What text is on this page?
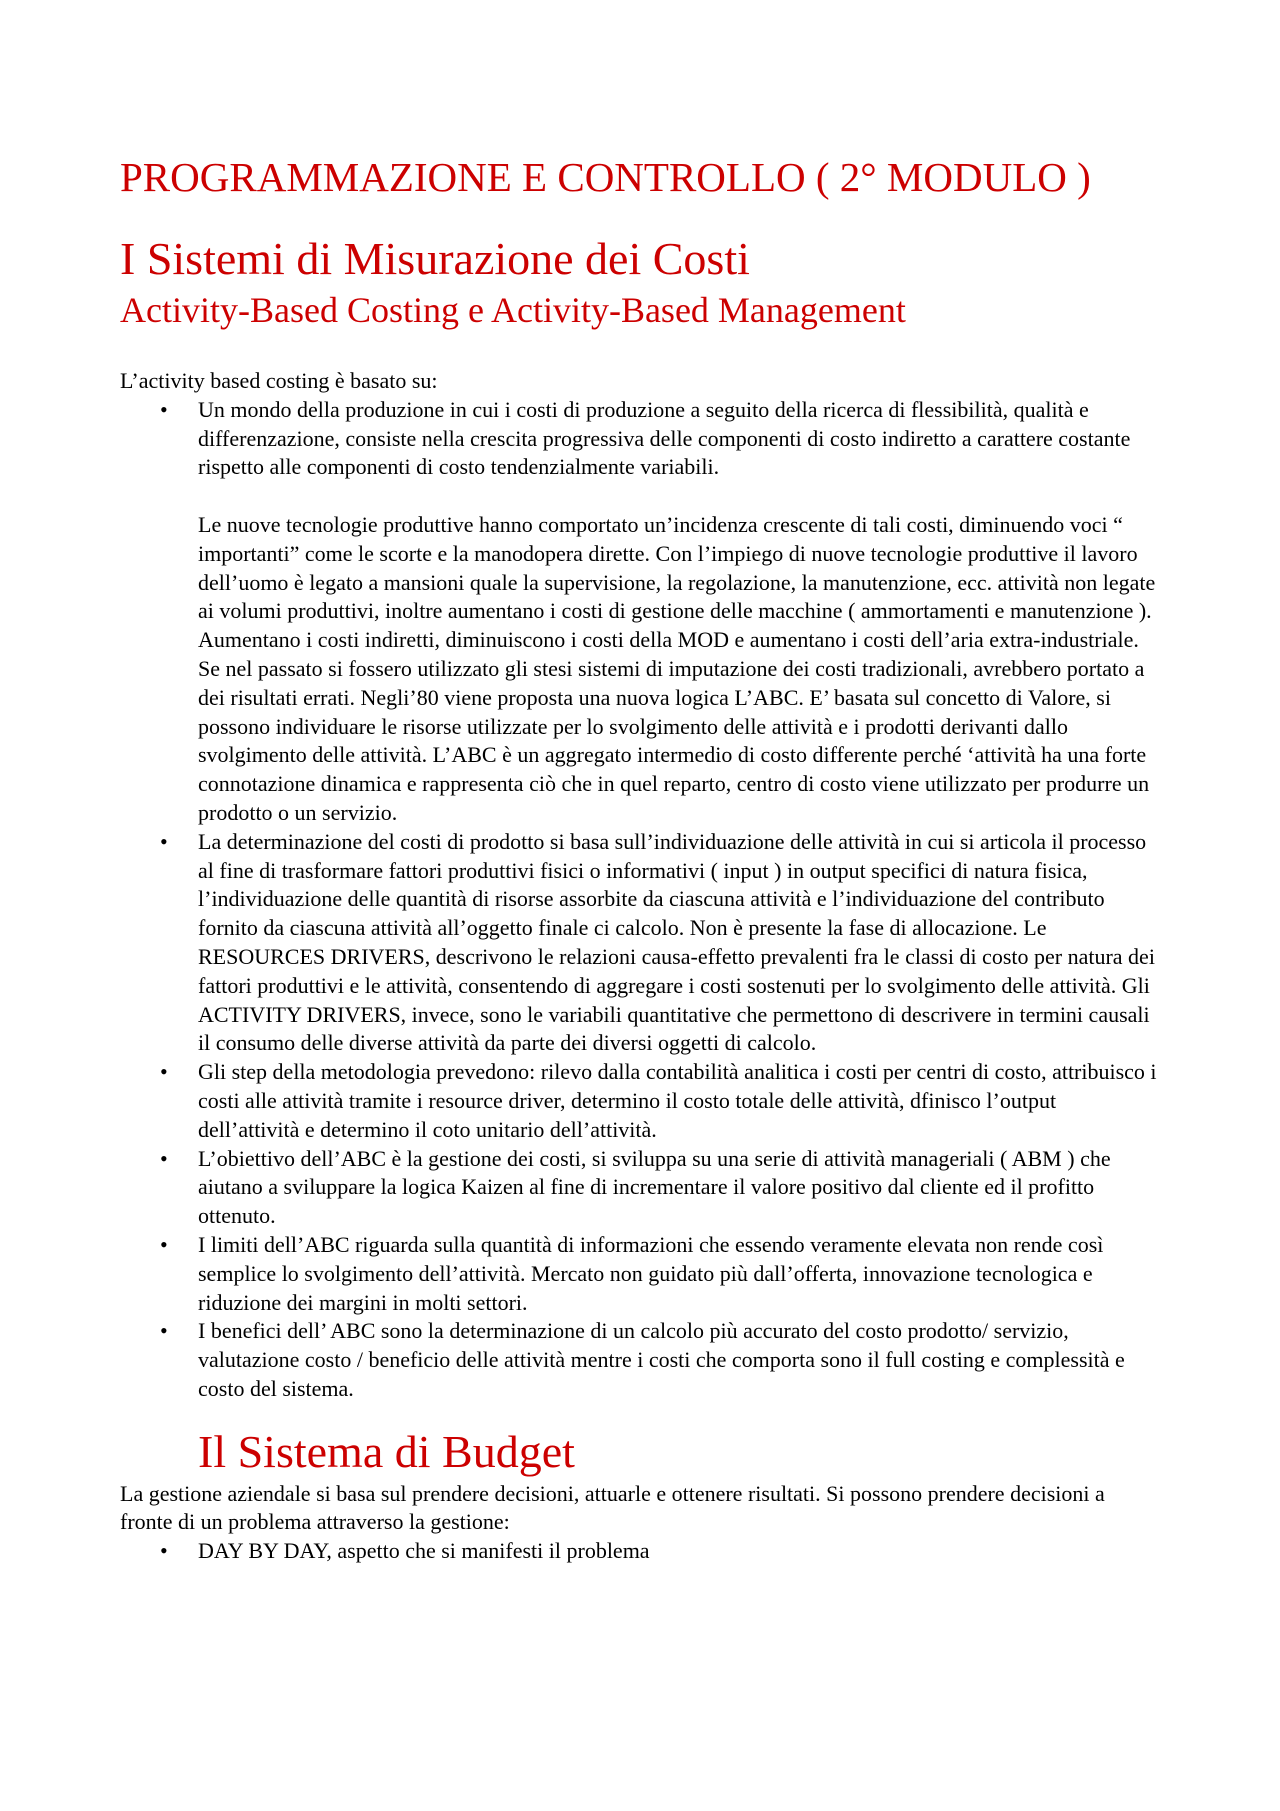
PROGRAMMAZIONE E CONTROLLO ( 2° MODULO )
I Sistemi di Misurazione dei Costi
Activity-Based Costing e Activity-Based Management

L’activity based costing è basato su:

• Un mondo della produzione in cui i costi di produzione a seguito della ricerca di flessibilità, qualità e differenzazione, consiste nella crescita progressiva delle componenti di costo indiretto a carattere costante rispetto alle componenti di costo tendenzialmente variabili.
Le nuove tecnologie produttive hanno comportato un’incidenza crescente di tali costi, diminuendo voci “ importanti” come le scorte e la manodopera dirette. Con l’impiego di nuove tecnologie produttive il lavoro dell’uomo è legato a mansioni quale la supervisione, la regolazione, la manutenzione, ecc. attività non legate ai volumi produttivi, inoltre aumentano i costi di gestione delle macchine ( ammortamenti e manutenzione ). Aumentano i costi indiretti, diminuiscono i costi della MOD e aumentano i costi dell’aria extra-industriale. Se nel passato si fossero utilizzato gli stesi sistemi di imputazione dei costi tradizionali, avrebbero portato a dei risultati errati. Negli’80 viene proposta una nuova logica L’ABC. E’ basata sul concetto di Valore, si possono individuare le risorse utilizzate per lo svolgimento delle attività e i prodotti derivanti dallo svolgimento delle attività. L’ABC è un aggregato intermedio di costo differente perché ‘attività ha una forte connotazione dinamica e rappresenta ciò che in quel reparto, centro di costo viene utilizzato per produrre un prodotto o un servizio.
• La determinazione del costi di prodotto si basa sull’individuazione delle attività in cui si articola il processo al fine di trasformare fattori produttivi fisici o informativi ( input ) in output specifici di natura fisica, l’individuazione delle quantità di risorse assorbite da ciascuna attività e l’individuazione del contributo fornito da ciascuna attività all’oggetto finale ci calcolo. Non è presente la fase di allocazione. Le RESOURCES DRIVERS, descrivono le relazioni causa-effetto prevalenti fra le classi di costo per natura dei fattori produttivi e le attività, consentendo di aggregare i costi sostenuti per lo svolgimento delle attività. Gli ACTIVITY DRIVERS, invece, sono le variabili quantitative che permettono di descrivere in termini causali il consumo delle diverse attività da parte dei diversi oggetti di calcolo.
• Gli step della metodologia prevedono: rilevo dalla contabilità analitica i costi per centri di costo, attribuisco i costi alle attività tramite i resource driver, determino il costo totale delle attività, dfinisco l’output dell’attività e determino il coto unitario dell’attività.
• L’obiettivo dell’ABC è la gestione dei costi, si sviluppa su una serie di attività manageriali ( ABM ) che aiutano a sviluppare la logica Kaizen al fine di incrementare il valore positivo dal cliente ed il profitto ottenuto.
• I limiti dell’ABC riguarda sulla quantità di informazioni che essendo veramente elevata non rende così semplice lo svolgimento dell’attività. Mercato non guidato più dall’offerta, innovazione tecnologica e riduzione dei margini in molti settori.
• I benefici dell’ ABC sono la determinazione di un calcolo più accurato del costo prodotto/ servizio, valutazione costo / beneficio delle attività mentre i costi che comporta sono il full costing e complessità e costo del sistema.
Il Sistema di Budget

La gestione aziendale si basa sul prendere decisioni, attuarle e ottenere risultati. Si possono prendere decisioni a fronte di un problema attraverso la gestione:

• DAY BY DAY, aspetto che si manifesti il problema
